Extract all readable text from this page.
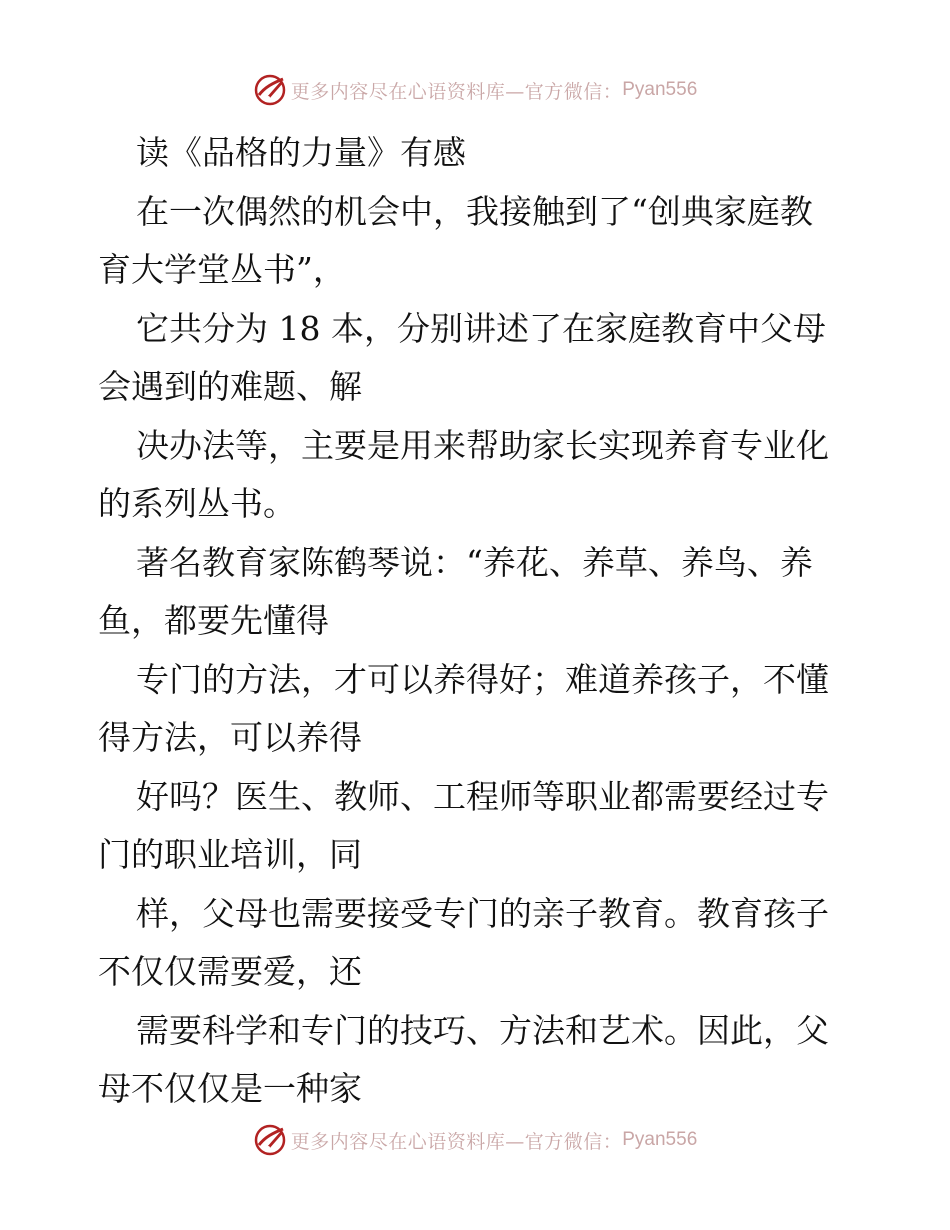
更多内容尽在心语资料库—官方微信： Pyan556
读《品格的力量》有感
在一次偶然的机会中，我接触到了“创典家庭教
育大学堂丛书”，
它共分为 18 本，分别讲述了在家庭教育中父母
会遇到的难题、解
决办法等，主要是用来帮助家长实现养育专业化
的系列丛书。
著名教育家陈鹤琴说：“养花、养草、养鸟、养
鱼，都要先懂得
专门的方法，才可以养得好；难道养孩子，不懂
得方法，可以养得
好吗？医生、教师、工程师等职业都需要经过专
门的职业培训，同
样，父母也需要接受专门的亲子教育。教育孩子
不仅仅需要爱，还
需要科学和专门的技巧、方法和艺术。因此，父
母不仅仅是一种家
更多内容尽在心语资料库—官方微信： Pyan556
